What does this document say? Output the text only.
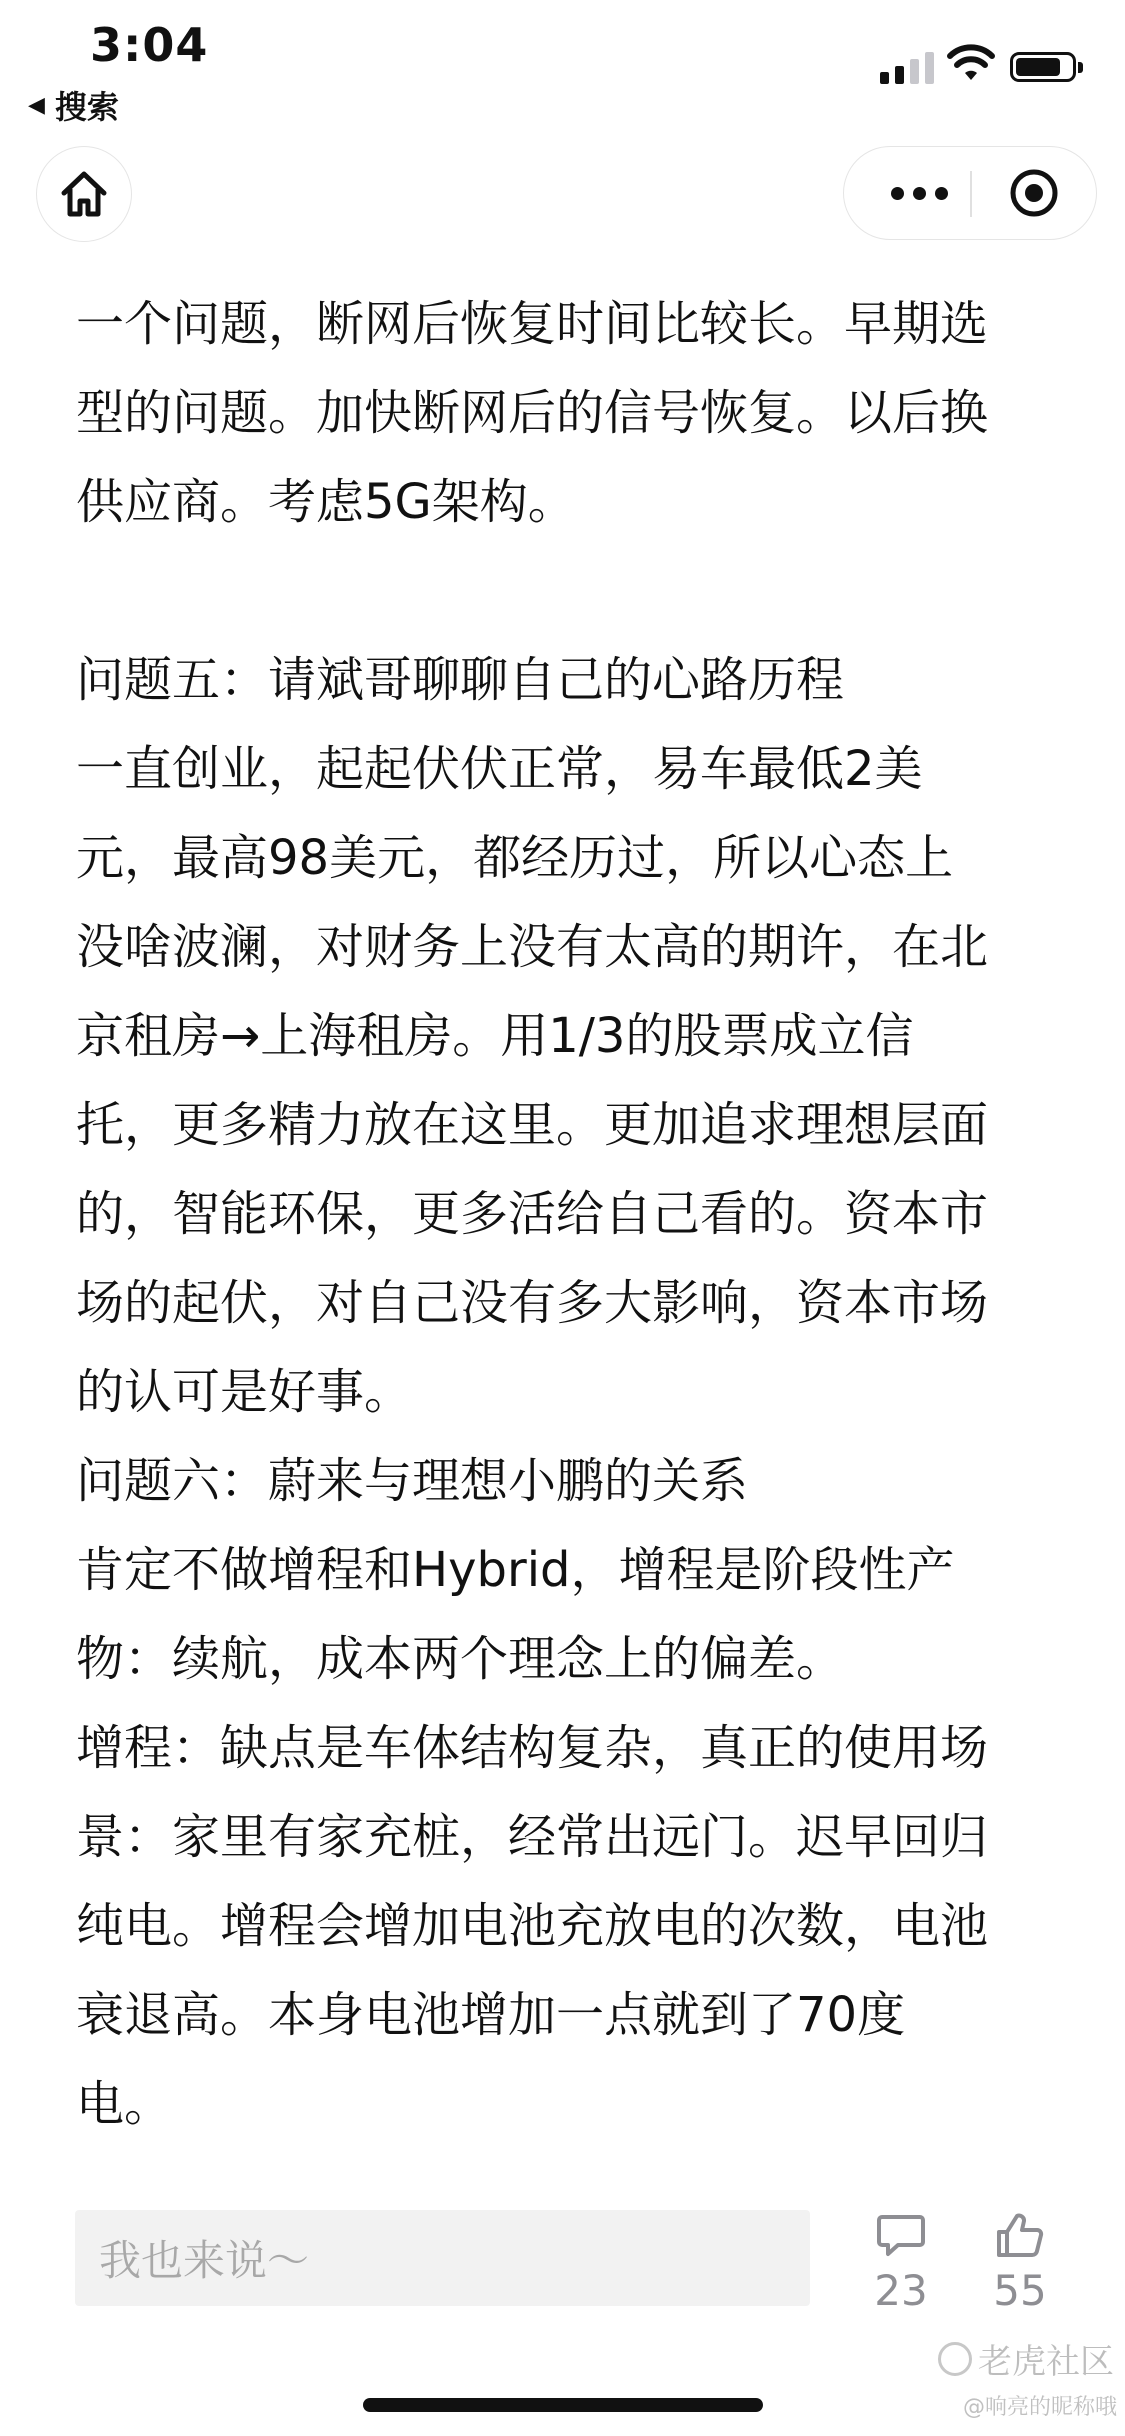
3:04
◀ 搜索
一个问题，断网后恢复时间比较长。早期选
型的问题。加快断网后的信号恢复。以后换
供应商。考虑5G架构。
问题五：请斌哥聊聊自己的心路历程
一直创业，起起伏伏正常，易车最低2美
元，最高98美元，都经历过，所以心态上
没啥波澜，对财务上没有太高的期许，在北
京租房→上海租房。用1/3的股票成立信
托，更多精力放在这里。更加追求理想层面
的，智能环保，更多活给自己看的。资本市
场的起伏，对自己没有多大影响，资本市场
的认可是好事。
问题六：蔚来与理想小鹏的关系
肯定不做增程和Hybrid，增程是阶段性产
物：续航，成本两个理念上的偏差。
增程：缺点是车体结构复杂，真正的使用场
景：家里有家充桩，经常出远门。迟早回归
纯电。增程会增加电池充放电的次数，电池
衰退高。本身电池增加一点就到了70度
电。
我也来说～
23	55
老虎社区
@响亮的昵称哦
